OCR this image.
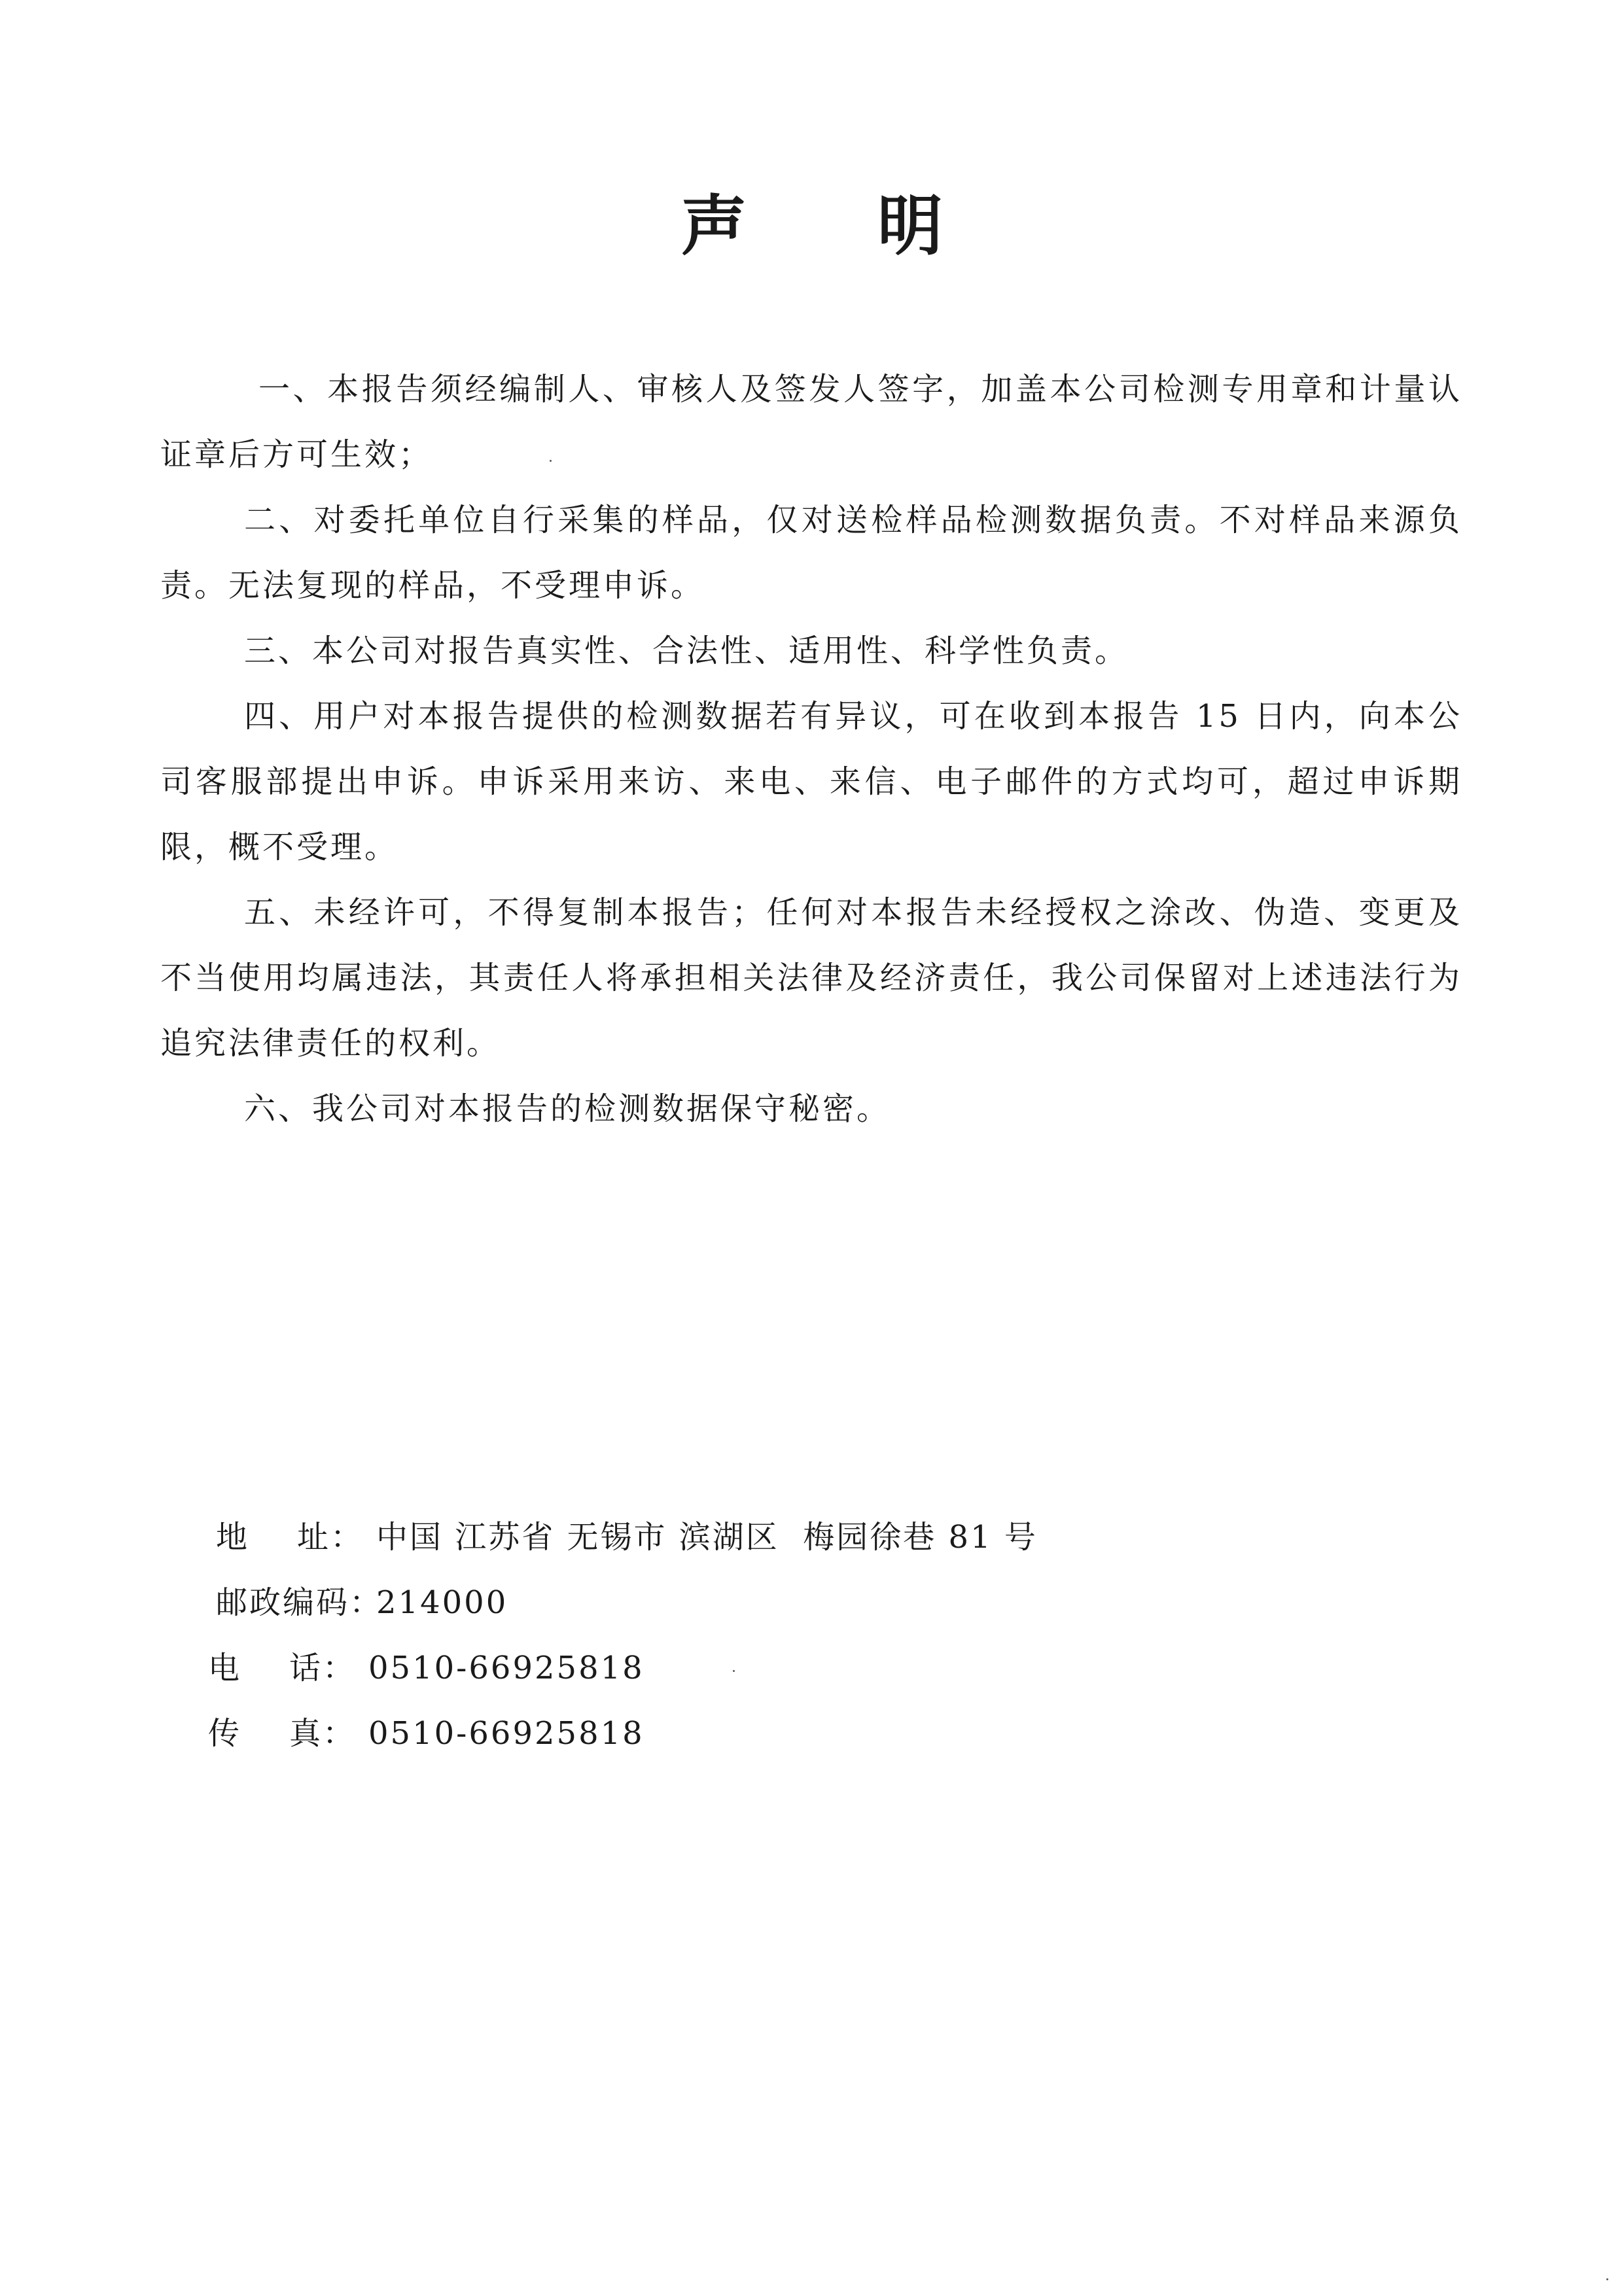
声 明

一、本报告须经编制人、审核人及签发人签字，加盖本公司检测专用章和计量认证章后方可生效；

二、对委托单位自行采集的样品，仅对送检样品检测数据负责。不对样品来源负责。无法复现的样品，不受理申诉。

三、本公司对报告真实性、合法性、适用性、科学性负责。

四、用户对本报告提供的检测数据若有异议，可在收到本报告 15 日内，向本公司客服部提出申诉。申诉采用来访、来电、来信、电子邮件的方式均可，超过申诉期限，概不受理。

五、未经许可，不得复制本报告；任何对本报告未经授权之涂改、伪造、变更及不当使用均属违法，其责任人将承担相关法律及经济责任，我公司保留对上述违法行为追究法律责任的权利。

六、我公司对本报告的检测数据保守秘密。

地    址： 中国 江苏省 无锡市 滨湖区  梅园徐巷 81 号
邮政编码：
214000
电    话： 0510-66925818
传    真： 0510-66925818
